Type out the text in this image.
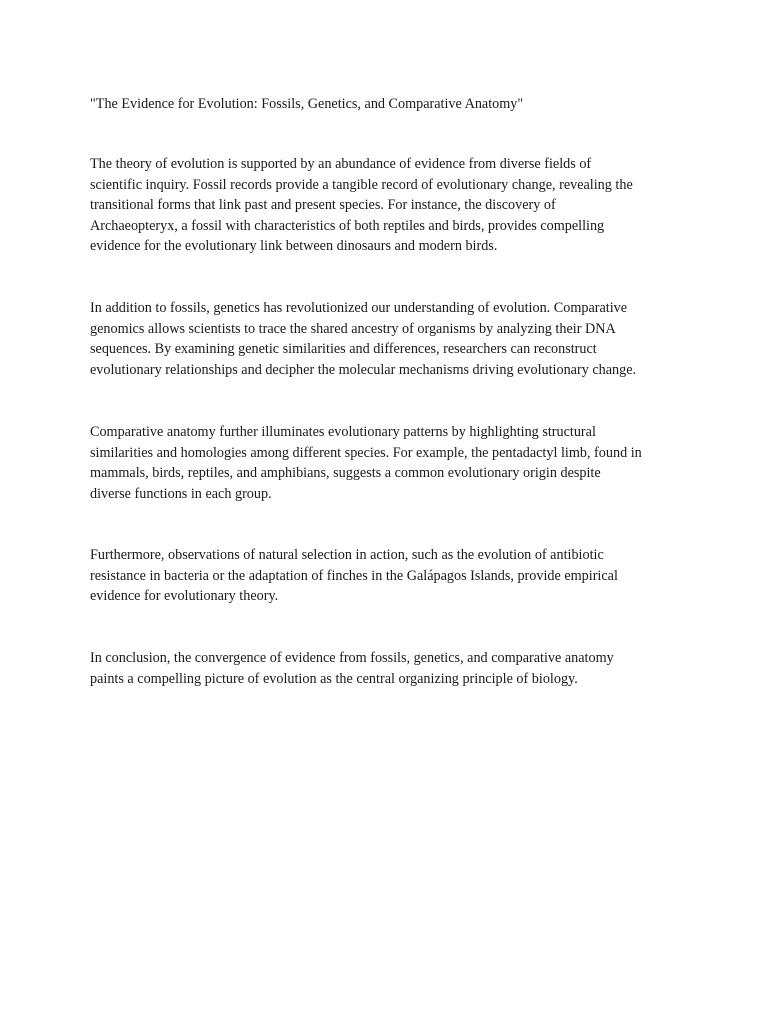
"The Evidence for Evolution: Fossils, Genetics, and Comparative Anatomy"

The theory of evolution is supported by an abundance of evidence from diverse fields of
scientific inquiry. Fossil records provide a tangible record of evolutionary change, revealing the
transitional forms that link past and present species. For instance, the discovery of
Archaeopteryx, a fossil with characteristics of both reptiles and birds, provides compelling
evidence for the evolutionary link between dinosaurs and modern birds.

In addition to fossils, genetics has revolutionized our understanding of evolution. Comparative
genomics allows scientists to trace the shared ancestry of organisms by analyzing their DNA
sequences. By examining genetic similarities and differences, researchers can reconstruct
evolutionary relationships and decipher the molecular mechanisms driving evolutionary change.

Comparative anatomy further illuminates evolutionary patterns by highlighting structural
similarities and homologies among different species. For example, the pentadactyl limb, found in
mammals, birds, reptiles, and amphibians, suggests a common evolutionary origin despite
diverse functions in each group.

Furthermore, observations of natural selection in action, such as the evolution of antibiotic
resistance in bacteria or the adaptation of finches in the Galápagos Islands, provide empirical
evidence for evolutionary theory.

In conclusion, the convergence of evidence from fossils, genetics, and comparative anatomy
paints a compelling picture of evolution as the central organizing principle of biology.
